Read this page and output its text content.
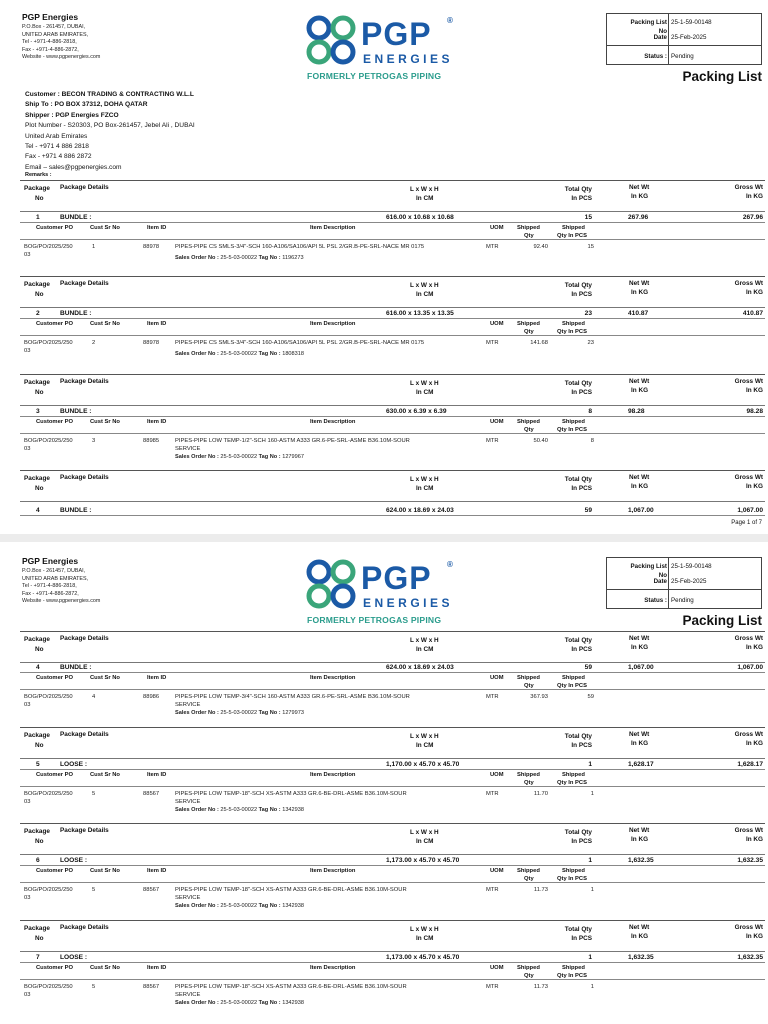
PGP Energies
P.O.Box - 261457, DUBAI,
UNITED ARAB EMIRATES,
Tel - +971-4-886-2818,
Fax - +971-4-886-2872,
Website - www.pgpenergies.com
PGP ®
ENERGIES
FORMERLY PETROGAS PIPING
Packing List 25-1-59-00148
No
Date 25-Feb-2025
Status : Pending
Packing List
Customer : BECON TRADING & CONTRACTING W.L.L
Ship To : PO BOX 37312, DOHA QATAR
Shipper : PGP Energies FZCO
Plot Number - S20303, PO Box-261457, Jebel Ali , DUBAI
United Arab Emirates
Tel - +971 4 886 2818
Fax - +971 4 886 2872
Email – sales@pgpenergies.com
Remarks :
Package
No
Package Details	L x W x H
In CM
Total Qty
In PCS
Net Wt
In KG
Gross Wt
In KG
1	BUNDLE :	616.00 x 10.68 x 10.68	15	267.96	267.96
Customer PO	Cust Sr No	Item ID	Item Description	UOM Shipped
Qty
Shipped
Qty In PCS
BOG/PO/2025/250
03
1	88978	PIPES-PIPE CS SMLS-3/4"-SCH 160-A106/SA106/API 5L PSL 2/GR.B-PE-SRL-NACE MR 0175	MTR	92.40	15
Sales Order No : 25-5-03-00022 Tag No : 1196273
Package
No
Package Details	L x W x H
In CM
Total Qty
In PCS
Net Wt
In KG
Gross Wt
In KG
2	BUNDLE :	616.00 x 13.35 x 13.35	23	410.87	410.87
Customer PO	Cust Sr No	Item ID	Item Description	UOM Shipped
Qty
Shipped
Qty In PCS
BOG/PO/2025/250
03
2	88978	PIPES-PIPE CS SMLS-3/4"-SCH 160-A106/SA106/API 5L PSL 2/GR.B-PE-SRL-NACE MR 0175	MTR	141.68	23
Sales Order No : 25-5-03-00022 Tag No : 1808318
Package
No
Package Details	L x W x H
In CM
Total Qty
In PCS
Net Wt
In KG
Gross Wt
In KG
3	BUNDLE :	630.00 x 6.39 x 6.39	8	98.28	98.28
Customer PO	Cust Sr No	Item ID	Item Description	UOM Shipped
Qty
Shipped
Qty In PCS
BOG/PO/2025/250
03
3	88985	PIPES-PIPE LOW TEMP-1/2"-SCH 160-ASTM A333 GR.6-PE-SRL-ASME B36.10M-SOUR
SERVICE
MTR	50.40	8
Sales Order No : 25-5-03-00022 Tag No : 1279967
Package
No
Package Details	L x W x H
In CM
Total Qty
In PCS
Net Wt
In KG
Gross Wt
In KG
4	BUNDLE :	624.00 x 18.69 x 24.03	59	1,067.00	1,067.00
Page 1 of 7
PGP Energies
P.O.Box - 261457, DUBAI,
UNITED ARAB EMIRATES,
Tel - +971-4-886-2818,
Fax - +971-4-886-2872,
Website - www.pgpenergies.com
PGP ®
ENERGIES
FORMERLY PETROGAS PIPING
Packing List 25-1-59-00148
No
Date 25-Feb-2025
Status : Pending
Packing List
Package
No
Package Details	L x W x H
In CM
Total Qty
In PCS
Net Wt
In KG
Gross Wt
In KG
4	BUNDLE :	624.00 x 18.69 x 24.03	59	1,067.00	1,067.00
Customer PO	Cust Sr No	Item ID	Item Description	UOM Shipped
Qty
Shipped
Qty In PCS
BOG/PO/2025/250
03
4	88986	PIPES-PIPE LOW TEMP-3/4"-SCH 160-ASTM A333 GR.6-PE-SRL-ASME B36.10M-SOUR
SERVICE
MTR	367.93	59
Sales Order No : 25-5-03-00022 Tag No : 1279973
Package
No
Package Details	L x W x H
In CM
Total Qty
In PCS
Net Wt
In KG
Gross Wt
In KG
5	LOOSE :	1,170.00 x 45.70 x 45.70	1	1,628.17	1,628.17
Customer PO	Cust Sr No	Item ID	Item Description	UOM Shipped
Qty
Shipped
Qty In PCS
BOG/PO/2025/250
03
5	88567	PIPES-PIPE LOW TEMP-18"-SCH XS-ASTM A333 GR.6-BE-DRL-ASME B36.10M-SOUR
SERVICE
MTR	11.70	1
Sales Order No : 25-5-03-00022 Tag No : 1342938
Package
No
Package Details	L x W x H
In CM
Total Qty
In PCS
Net Wt
In KG
Gross Wt
In KG
6	LOOSE :	1,173.00 x 45.70 x 45.70	1	1,632.35	1,632.35
Customer PO	Cust Sr No	Item ID	Item Description	UOM Shipped
Qty
Shipped
Qty In PCS
BOG/PO/2025/250
03
5	88567	PIPES-PIPE LOW TEMP-18"-SCH XS-ASTM A333 GR.6-BE-DRL-ASME B36.10M-SOUR
SERVICE
MTR	11.73	1
Sales Order No : 25-5-03-00022 Tag No : 1342938
Package
No
Package Details	L x W x H
In CM
Total Qty
In PCS
Net Wt
In KG
Gross Wt
In KG
7	LOOSE :	1,173.00 x 45.70 x 45.70	1	1,632.35	1,632.35
Customer PO	Cust Sr No	Item ID	Item Description	UOM Shipped
Qty
Shipped
Qty In PCS
BOG/PO/2025/250
03
5	88567	PIPES-PIPE LOW TEMP-18"-SCH XS-ASTM A333 GR.6-BE-DRL-ASME B36.10M-SOUR
SERVICE
MTR	11.73	1
Sales Order No : 25-5-03-00022 Tag No : 1342938
